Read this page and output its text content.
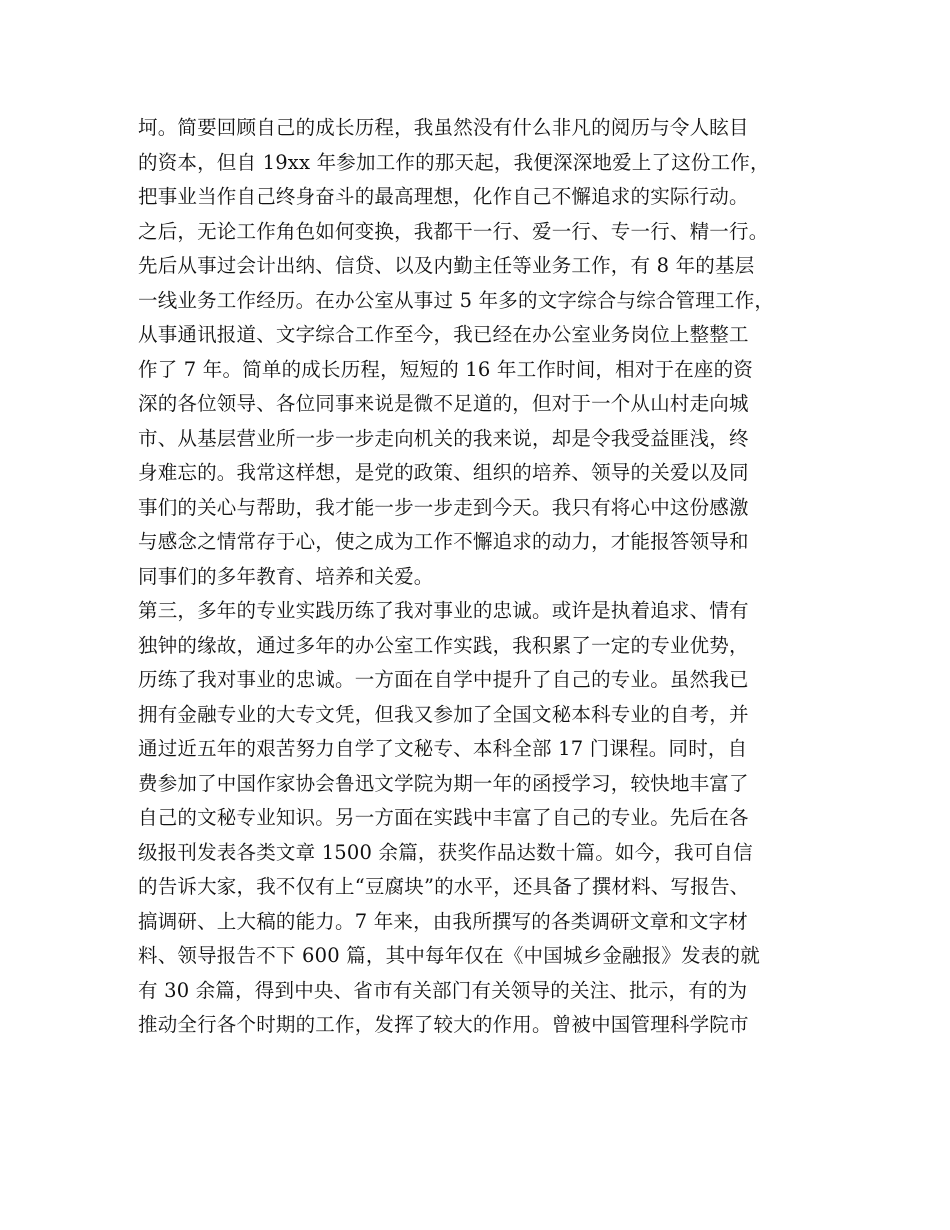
坷。简要回顾自己的成长历程，我虽然没有什么非凡的阅历与令人眩目
的资本，但自 19xx 年参加工作的那天起，我便深深地爱上了这份工作，
把事业当作自己终身奋斗的最高理想，化作自己不懈追求的实际行动。
之后，无论工作角色如何变换，我都干一行、爱一行、专一行、精一行。
先后从事过会计出纳、信贷、以及内勤主任等业务工作，有 8 年的基层
一线业务工作经历。在办公室从事过 5 年多的文字综合与综合管理工作，
从事通讯报道、文字综合工作至今，我已经在办公室业务岗位上整整工
作了 7 年。简单的成长历程，短短的 16 年工作时间，相对于在座的资
深的各位领导、各位同事来说是微不足道的，但对于一个从山村走向城
市、从基层营业所一步一步走向机关的我来说，却是令我受益匪浅，终
身难忘的。我常这样想，是党的政策、组织的培养、领导的关爱以及同
事们的关心与帮助，我才能一步一步走到今天。我只有将心中这份感激
与感念之情常存于心，使之成为工作不懈追求的动力，才能报答领导和
同事们的多年教育、培养和关爱。
第三，多年的专业实践历练了我对事业的忠诚。或许是执着追求、情有
独钟的缘故，通过多年的办公室工作实践，我积累了一定的专业优势，
历练了我对事业的忠诚。一方面在自学中提升了自己的专业。虽然我已
拥有金融专业的大专文凭，但我又参加了全国文秘本科专业的自考，并
通过近五年的艰苦努力自学了文秘专、本科全部 17 门课程。同时，自
费参加了中国作家协会鲁迅文学院为期一年的函授学习，较快地丰富了
自己的文秘专业知识。另一方面在实践中丰富了自己的专业。先后在各
级报刊发表各类文章 1500 余篇，获奖作品达数十篇。如今，我可自信
的告诉大家，我不仅有上“豆腐块”的水平，还具备了撰材料、写报告、
搞调研、上大稿的能力。7 年来，由我所撰写的各类调研文章和文字材
料、领导报告不下 600 篇，其中每年仅在《中国城乡金融报》发表的就
有 30 余篇，得到中央、省市有关部门有关领导的关注、批示，有的为
推动全行各个时期的工作，发挥了较大的作用。曾被中国管理科学院市
